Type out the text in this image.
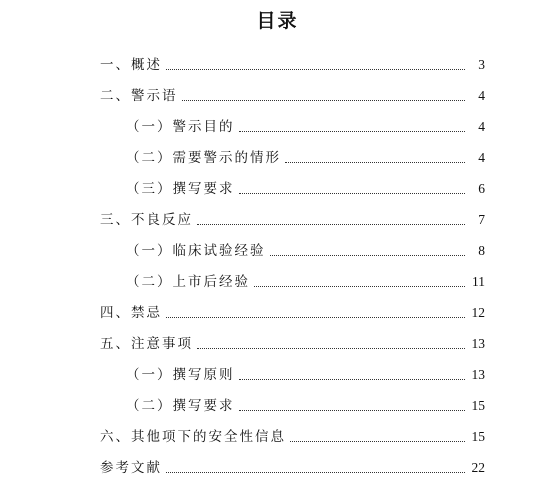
目录
一、概述	3
二、警示语	4
（一）警示目的	4
（二）需要警示的情形	4
（三）撰写要求	6
三、不良反应	7
（一）临床试验经验	8
（二）上市后经验	11
四、禁忌	12
五、注意事项	13
（一）撰写原则	13
（二）撰写要求	15
六、其他项下的安全性信息	15
参考文献	22
